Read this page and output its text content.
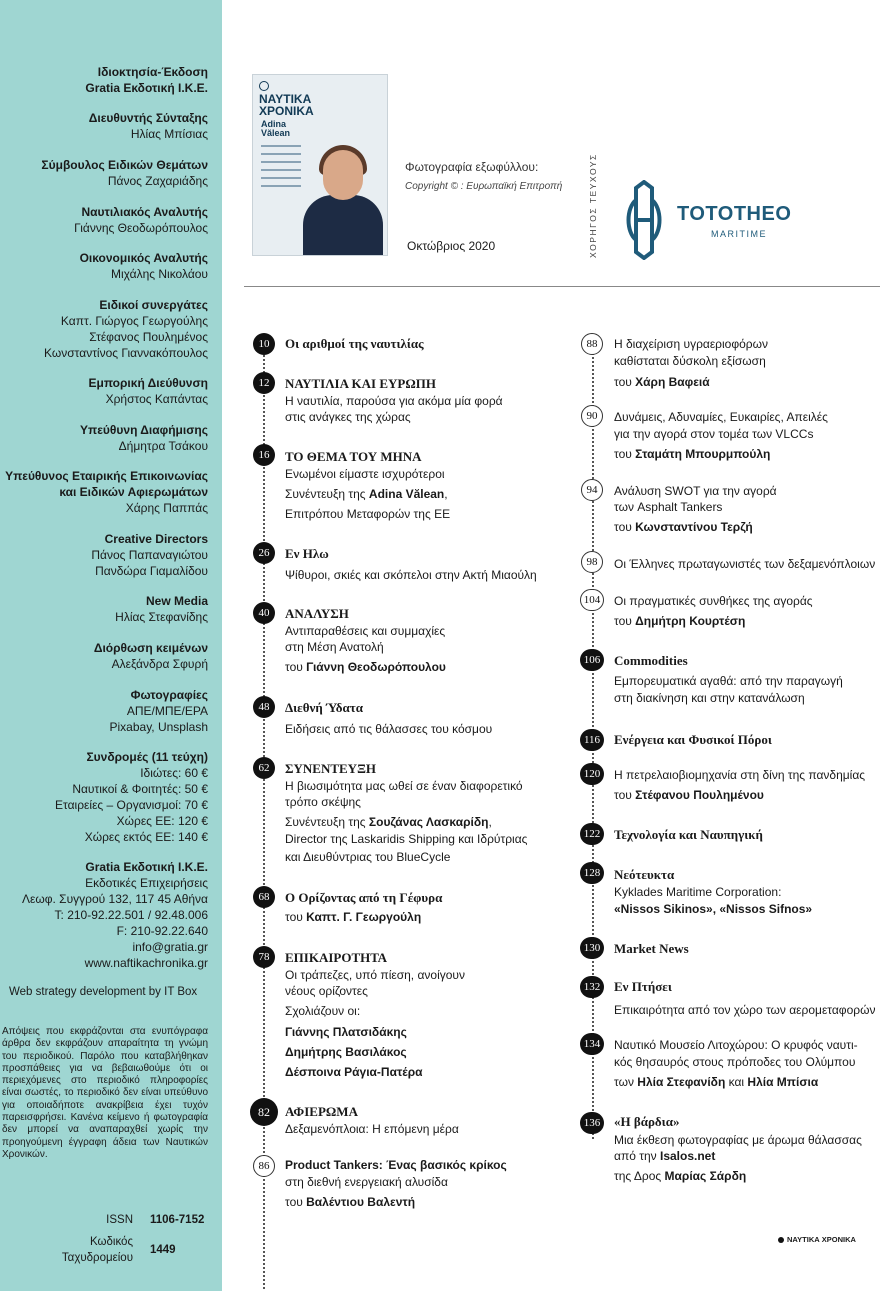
Ιδιοκτησία-Έκδοση
Gratia Εκδοτική Ι.Κ.Ε.
Διευθυντής Σύνταξης
Ηλίας Μπίσιας
Σύμβουλος Ειδικών Θεμάτων
Πάνος Ζαχαριάδης
Ναυτιλιακός Αναλυτής
Γιάννης Θεοδωρόπουλος
Οικονομικός Αναλυτής
Μιχάλης Νικολάου
Ειδικοί συνεργάτες
Καπτ. Γιώργος Γεωργούλης
Στέφανος Πουλημένος
Κωνσταντίνος Γιαννακόπουλος
Εμπορική Διεύθυνση
Χρήστος Καπάντας
Υπεύθυνη Διαφήμισης
Δήμητρα Τσάκου
Υπεύθυνος Εταιρικής Επικοινωνίας
και Ειδικών Αφιερωμάτων
Χάρης Παππάς
Creative Directors
Πάνος Παπαναγιώτου
Πανδώρα Γιαμαλίδου
New Media
Ηλίας Στεφανίδης
Διόρθωση κειμένων
Αλεξάνδρα Σφυρή
Φωτογραφίες
ΑΠΕ/ΜΠΕ/EPA
Pixabay, Unsplash
Συνδρομές (11 τεύχη)
Ιδιώτες: 60 €
Ναυτικοί & Φοιτητές: 50 €
Εταιρείες – Οργανισμοί: 70 €
Χώρες ΕΕ: 120 €
Χώρες εκτός ΕΕ: 140 €
Gratia Εκδοτική Ι.Κ.Ε.
Εκδοτικές Επιχειρήσεις
Λεωφ. Συγγρού 132, 117 45 Αθήνα
T: 210-92.22.501 / 92.48.006
F: 210-92.22.640
info@gratia.gr
www.naftikachronika.gr
Web strategy development by IT Box
Απόψεις που εκφράζονται στα ενυπόγραφα άρθρα δεν εκφράζουν απαραίτητα τη γνώμη του περιοδικού. Παρόλο που καταβλήθηκαν προσπάθειες για να βεβαιωθούμε ότι οι περιεχόμενες στο περιοδικό πληροφορίες είναι σωστές, το περιοδικό δεν είναι υπεύθυνο για οποιαδήποτε ανακρίβεια έχει τυχόν παρεισφρήσει. Κανένα κείμενο ή φωτογραφία δεν μπορεί να αναπαραχθεί χωρίς την προηγούμενη έγγραφη άδεια των Ναυτικών Χρονικών.
ISSN 1106-7152
Κωδικός
Ταχυδρομείου
1449
ΝΑΥΤΙΚΑ
ΧΡΟΝΙΚΑ
Adina
Vălean
Φωτογραφία εξωφύλλου:
Copyright © : Ευρωπαϊκή Επιτροπή
Οκτώβριος 2020	ΧΟΡΗΓΟΣ ΤΕΥΧΟΥΣ	TOTOTHEO
MARITIME
10	Οι αριθμοί της ναυτιλίας
12	ΝΑΥΤΙΛΙΑ ΚΑΙ ΕΥΡΩΠΗ
Η ναυτιλία, παρούσα για ακόμα μία φορά
στις ανάγκες της χώρας
16	ΤΟ ΘΕΜΑ ΤΟΥ ΜΗΝΑ
Ενωμένοι είμαστε ισχυρότεροι
Συνέντευξη της Adina Vălean,
Επιτρόπου Μεταφορών της ΕΕ
26	Εν Ηλω
Ψίθυροι, σκιές και σκόπελοι στην Ακτή Μιαούλη
40	ΑΝΑΛΥΣΗ
Αντιπαραθέσεις και συμμαχίες
στη Μέση Ανατολή
του Γιάννη Θεοδωρόπουλου
48	Διεθνή Ύδατα
Ειδήσεις από τις θάλασσες του κόσμου
62	ΣΥΝΕΝΤΕΥΞΗ
Η βιωσιμότητα μας ωθεί σε έναν διαφορετικό
τρόπο σκέψης
Συνέντευξη της Σουζάνας Λασκαρίδη,
Director της Laskaridis Shipping και Ιδρύτριας
και Διευθύντριας του BlueCycle
68	Ο Ορίζοντας από τη Γέφυρα
του Καπτ. Γ. Γεωργούλη
78	ΕΠΙΚΑΙΡΟΤΗΤΑ
Οι τράπεζες, υπό πίεση, ανοίγουν
νέους ορίζοντες
Σχολιάζουν οι:
Γιάννης Πλατσιδάκης
Δημήτρης Βασιλάκος
Δέσποινα Ράγια-Πατέρα
82	ΑΦΙΕΡΩΜΑ
Δεξαμενόπλοια: Η επόμενη μέρα
86	Product Tankers: Ένας βασικός κρίκος
στη διεθνή ενεργειακή αλυσίδα
του Βαλέντιου Βαλεντή
88	Η διαχείριση υγραεριοφόρων
καθίσταται δύσκολη εξίσωση
του Χάρη Βαφειά
90	Δυνάμεις, Αδυναμίες, Ευκαιρίες, Απειλές
για την αγορά στον τομέα των VLCCs
του Σταμάτη Μπουρμπούλη
94	Ανάλυση SWOT για την αγορά
των Asphalt Tankers
του Κωνσταντίνου Τερζή
98	Οι Έλληνες πρωταγωνιστές των δεξαμενόπλοιων
104	Οι πραγματικές συνθήκες της αγοράς
του Δημήτρη Κουρτέση
106 Commodities
Εμπορευματικά αγαθά: από την παραγωγή
στη διακίνηση και στην κατανάλωση
116	Ενέργεια και Φυσικοί Πόροι
120	Η πετρελαιοβιομηχανία στη δίνη της πανδημίας
του Στέφανου Πουλημένου
122 Τεχνολογία και Ναυπηγική
128 Νεότευκτα
Kyklades Maritime Corporation:
«Nissos Sikinos», «Nissos Sifnos»
130 Market News
132 Εν Πτήσει
Επικαιρότητα από τον χώρο των αερομεταφορών
134	Ναυτικό Μουσείο Λιτοχώρου: Ο κρυφός ναυτι-
κός θησαυρός στους πρόποδες του Ολύμπου
των Ηλία Στεφανίδη και Ηλία Μπίσια
136 «Η βάρδια»
Μια έκθεση φωτογραφίας με άρωμα θάλασσας
από την Isalos.net
της Δρος Μαρίας Σάρδη
ΝΑΥΤΙΚΑ ΧΡΟΝΙΚΑ
